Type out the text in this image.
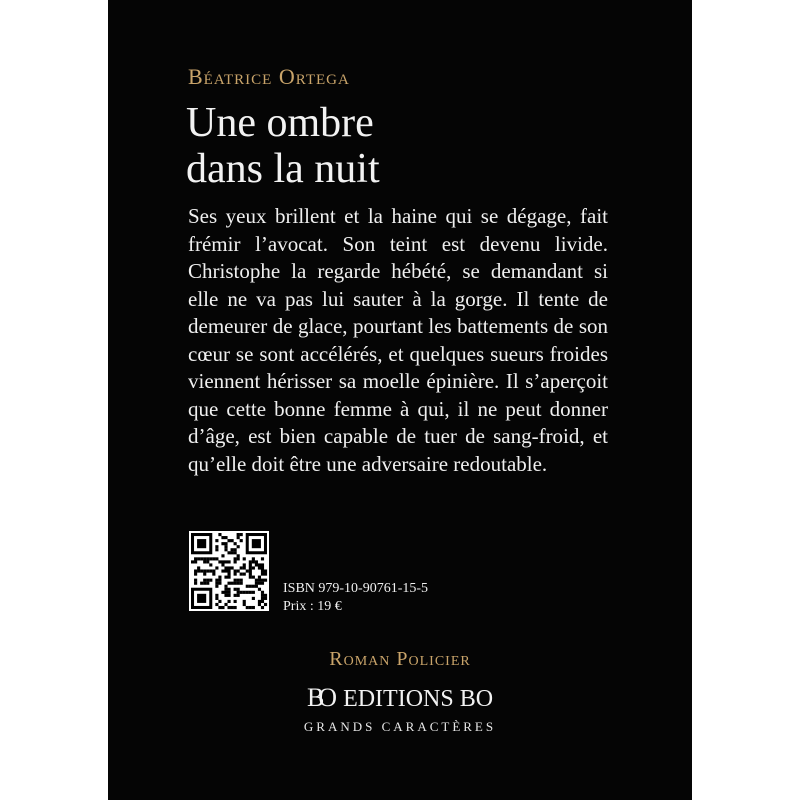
Béatrice Ortega
Une ombre
dans la nuit
Ses yeux brillent et la haine qui se dégage, fait frémir l’avocat. Son teint est devenu livide. Christophe la regarde hébété, se demandant si elle ne va pas lui sauter à la gorge. Il tente de demeurer de glace, pourtant les battements de son cœur se sont accélérés, et quelques sueurs froides viennent hérisser sa moelle épinière. Il s’aperçoit que cette bonne femme à qui, il ne peut donner d’âge, est bien capable de tuer de sang-froid, et qu’elle doit être une adversaire redoutable.
ISBN 979-10-90761-15-5
Prix : 19 €
Roman Policier
BO EDITIONS BO
GRANDS CARACTÈRES
